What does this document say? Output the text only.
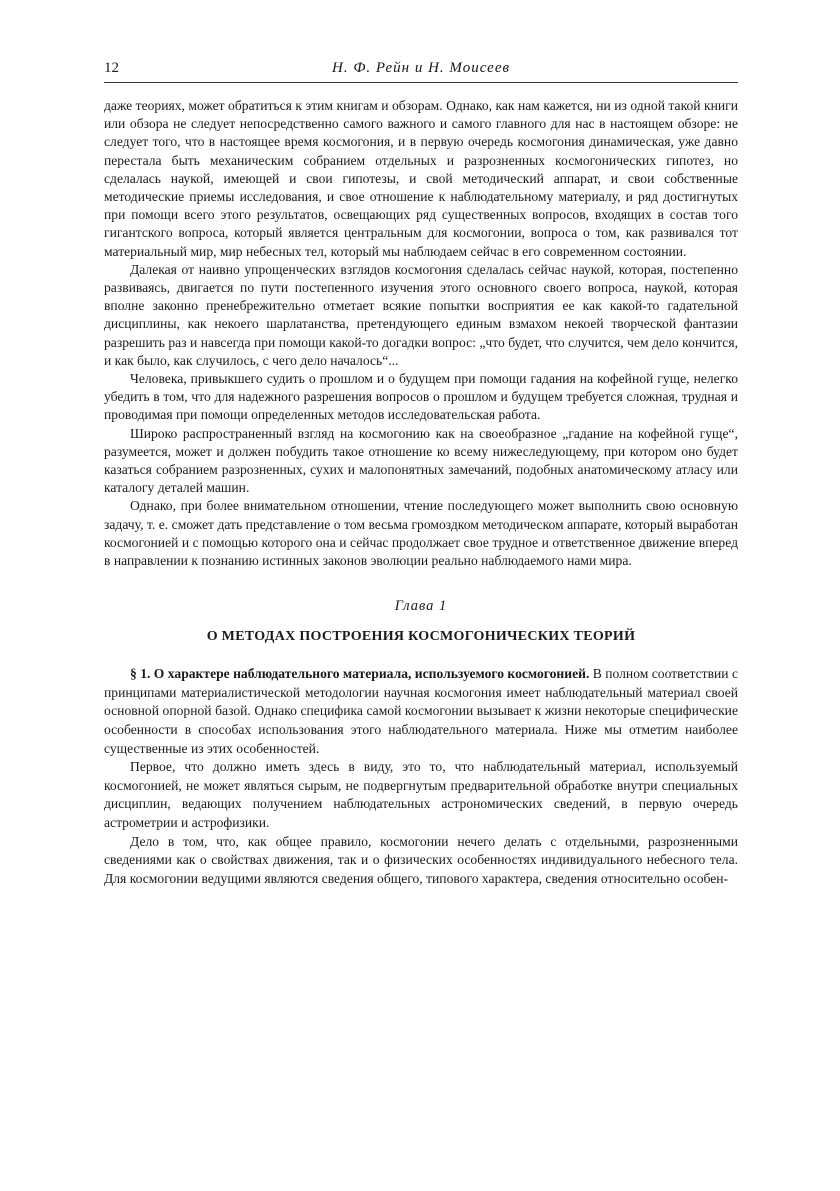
12	Н. Ф. Рейн и Н. Моисеев

даже теориях, может обратиться к этим книгам и обзорам. Однако, как нам кажется, ни из одной такой книги или обзора не следует непосредственно самого важного и самого главного для нас в настоящем обзоре: не следует того, что в настоящее время космогония, и в первую очередь космогония динамическая, уже давно перестала быть механическим собранием отдельных и разрозненных космогонических гипотез, но сделалась наукой, имеющей и свои гипотезы, и свой методический аппарат, и свои собственные методические приемы исследования, и свое отношение к наблюдательному материалу, и ряд достигнутых при помощи всего этого результатов, освещающих ряд существенных вопросов, входящих в состав того гигантского вопроса, который является центральным для космогонии, вопроса о том, как развивался тот материальный мир, мир небесных тел, который мы наблюдаем сейчас в его современном состоянии.

Далекая от наивно упрощенческих взглядов космогония сделалась сейчас наукой, которая, постепенно развиваясь, двигается по пути постепенного изучения этого основного своего вопроса, наукой, которая вполне законно пренебрежительно отметает всякие попытки восприятия ее как какой-то гадательной дисциплины, как некоего шарлатанства, претендующего единым взмахом некоей творческой фантазии разрешить раз и навсегда при помощи какой-то догадки вопрос: „что будет, что случится, чем дело кончится, и как было, как случилось, с чего дело началось“...

Человека, привыкшего судить о прошлом и о будущем при помощи гадания на кофейной гуще, нелегко убедить в том, что для надежного разрешения вопросов о прошлом и будущем требуется сложная, трудная и проводимая при помощи определенных методов исследовательская работа.

Широко распространенный взгляд на космогонию как на своеобразное „гадание на кофейной гуще“, разумеется, может и должен побудить такое отношение ко всему нижеследующему, при котором оно будет казаться собранием разрозненных, сухих и малопонятных замечаний, подобных анатомическому атласу или каталогу деталей машин.

Однако, при более внимательном отношении, чтение последующего может выполнить свою основную задачу, т. е. сможет дать представление о том весьма громоздком методическом аппарате, который выработан космогонией и с помощью которого она и сейчас продолжает свое трудное и ответственное движение вперед в направлении к познанию истинных законов эволюции реально наблюдаемого нами мира.

Глава 1
О МЕТОДАХ ПОСТРОЕНИЯ КОСМОГОНИЧЕСКИХ ТЕОРИЙ

§ 1. О характере наблюдательного материала, используемого космогонией. В полном соответствии с принципами материалистической методологии научная космогония имеет наблюдательный материал своей основной опорной базой. Однако специфика самой космогонии вызывает к жизни некоторые специфические особенности в способах использования этого наблюдательного материала. Ниже мы отметим наиболее существенные из этих особенностей.

Первое, что должно иметь здесь в виду, это то, что наблюдательный материал, используемый космогонией, не может являться сырым, не подвергнутым предварительной обработке внутри специальных дисциплин, ведающих получением наблюдательных астрономических сведений, в первую очередь астрометрии и астрофизики.

Дело в том, что, как общее правило, космогонии нечего делать с отдельными, разрозненными сведениями как о свойствах движения, так и о физических особенностях индивидуального небесного тела. Для космогонии ведущими являются сведения общего, типового характера, сведения относительно особен-
